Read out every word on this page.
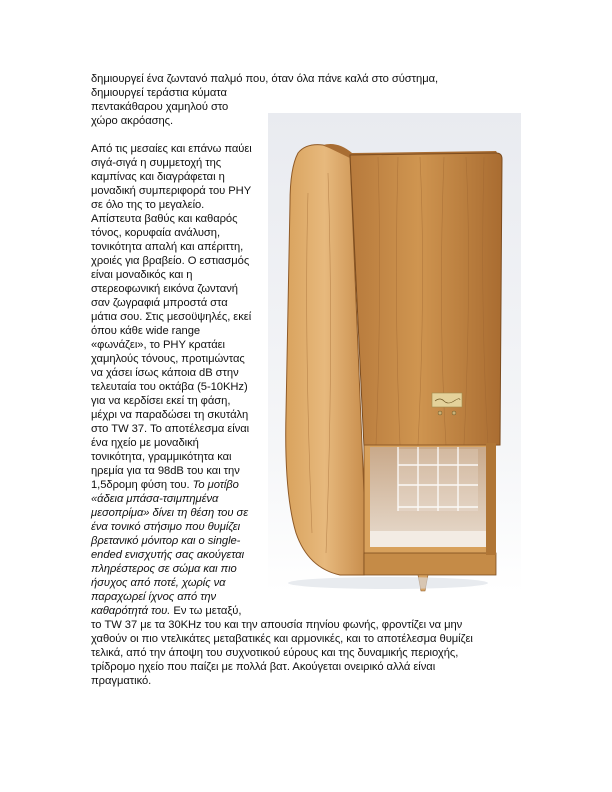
δημιουργεί ένα ζωντανό παλμό που, όταν όλα πάνε καλά στο σύστημα,
δημιουργεί τεράστια κύματα
πεντακάθαρου χαμηλού στο
χώρο ακρόασης.
Από τις μεσαίες και επάνω παύει
σιγά-σιγά η συμμετοχή της
καμπίνας και διαγράφεται η
μοναδική συμπεριφορά του PHY
σε όλο της το μεγαλείο.
Απίστευτα βαθύς και καθαρός
τόνος, κορυφαία ανάλυση,
τονικότητα απαλή και απέριττη,
χροιές για βραβείο. Ο εστιασμός
είναι μοναδικός και η
στερεοφωνική εικόνα ζωντανή
σαν ζωγραφιά μπροστά στα
μάτια σου. Στις μεσοϋψηλές, εκεί
όπου κάθε wide range
«φωνάζει», το PHY κρατάει
χαμηλούς τόνους, προτιμώντας
να χάσει ίσως κάποια dB στην
τελευταία του οκτάβα (5-10KHz)
για να κερδίσει εκεί τη φάση,
μέχρι να παραδώσει τη σκυτάλη
στο TW 37. Το αποτέλεσμα είναι
ένα ηχείο με μοναδική
τονικότητα, γραμμικότητα και
ηρεμία για τα 98dB του και την
1,5δρομη φύση του. Το μοτίβο
«άδεια μπάσα-τσιμπημένα
μεσοπρίμα» δίνει τη θέση του σε
ένα τονικό στήσιμο που θυμίζει
βρετανικό μόνιτορ και ο single-
ended ενισχυτής σας ακούγεται
πληρέστερος σε σώμα και πιο
ήσυχος από ποτέ, χωρίς να
παραχωρεί ίχνος από την
καθαρότητά του. Εν τω μεταξύ,
το TW 37 με τα 30KHz του και την απουσία πηνίου φωνής, φροντίζει να μην
χαθούν οι πιο ντελικάτες μεταβατικές και αρμονικές, και το αποτέλεσμα θυμίζει
τελικά, από την άποψη του συχνοτικού εύρους και της δυναμικής περιοχής,
τρίδρομο ηχείο που παίζει με πολλά βατ. Ακούγεται ονειρικό αλλά είναι
πραγματικό.
